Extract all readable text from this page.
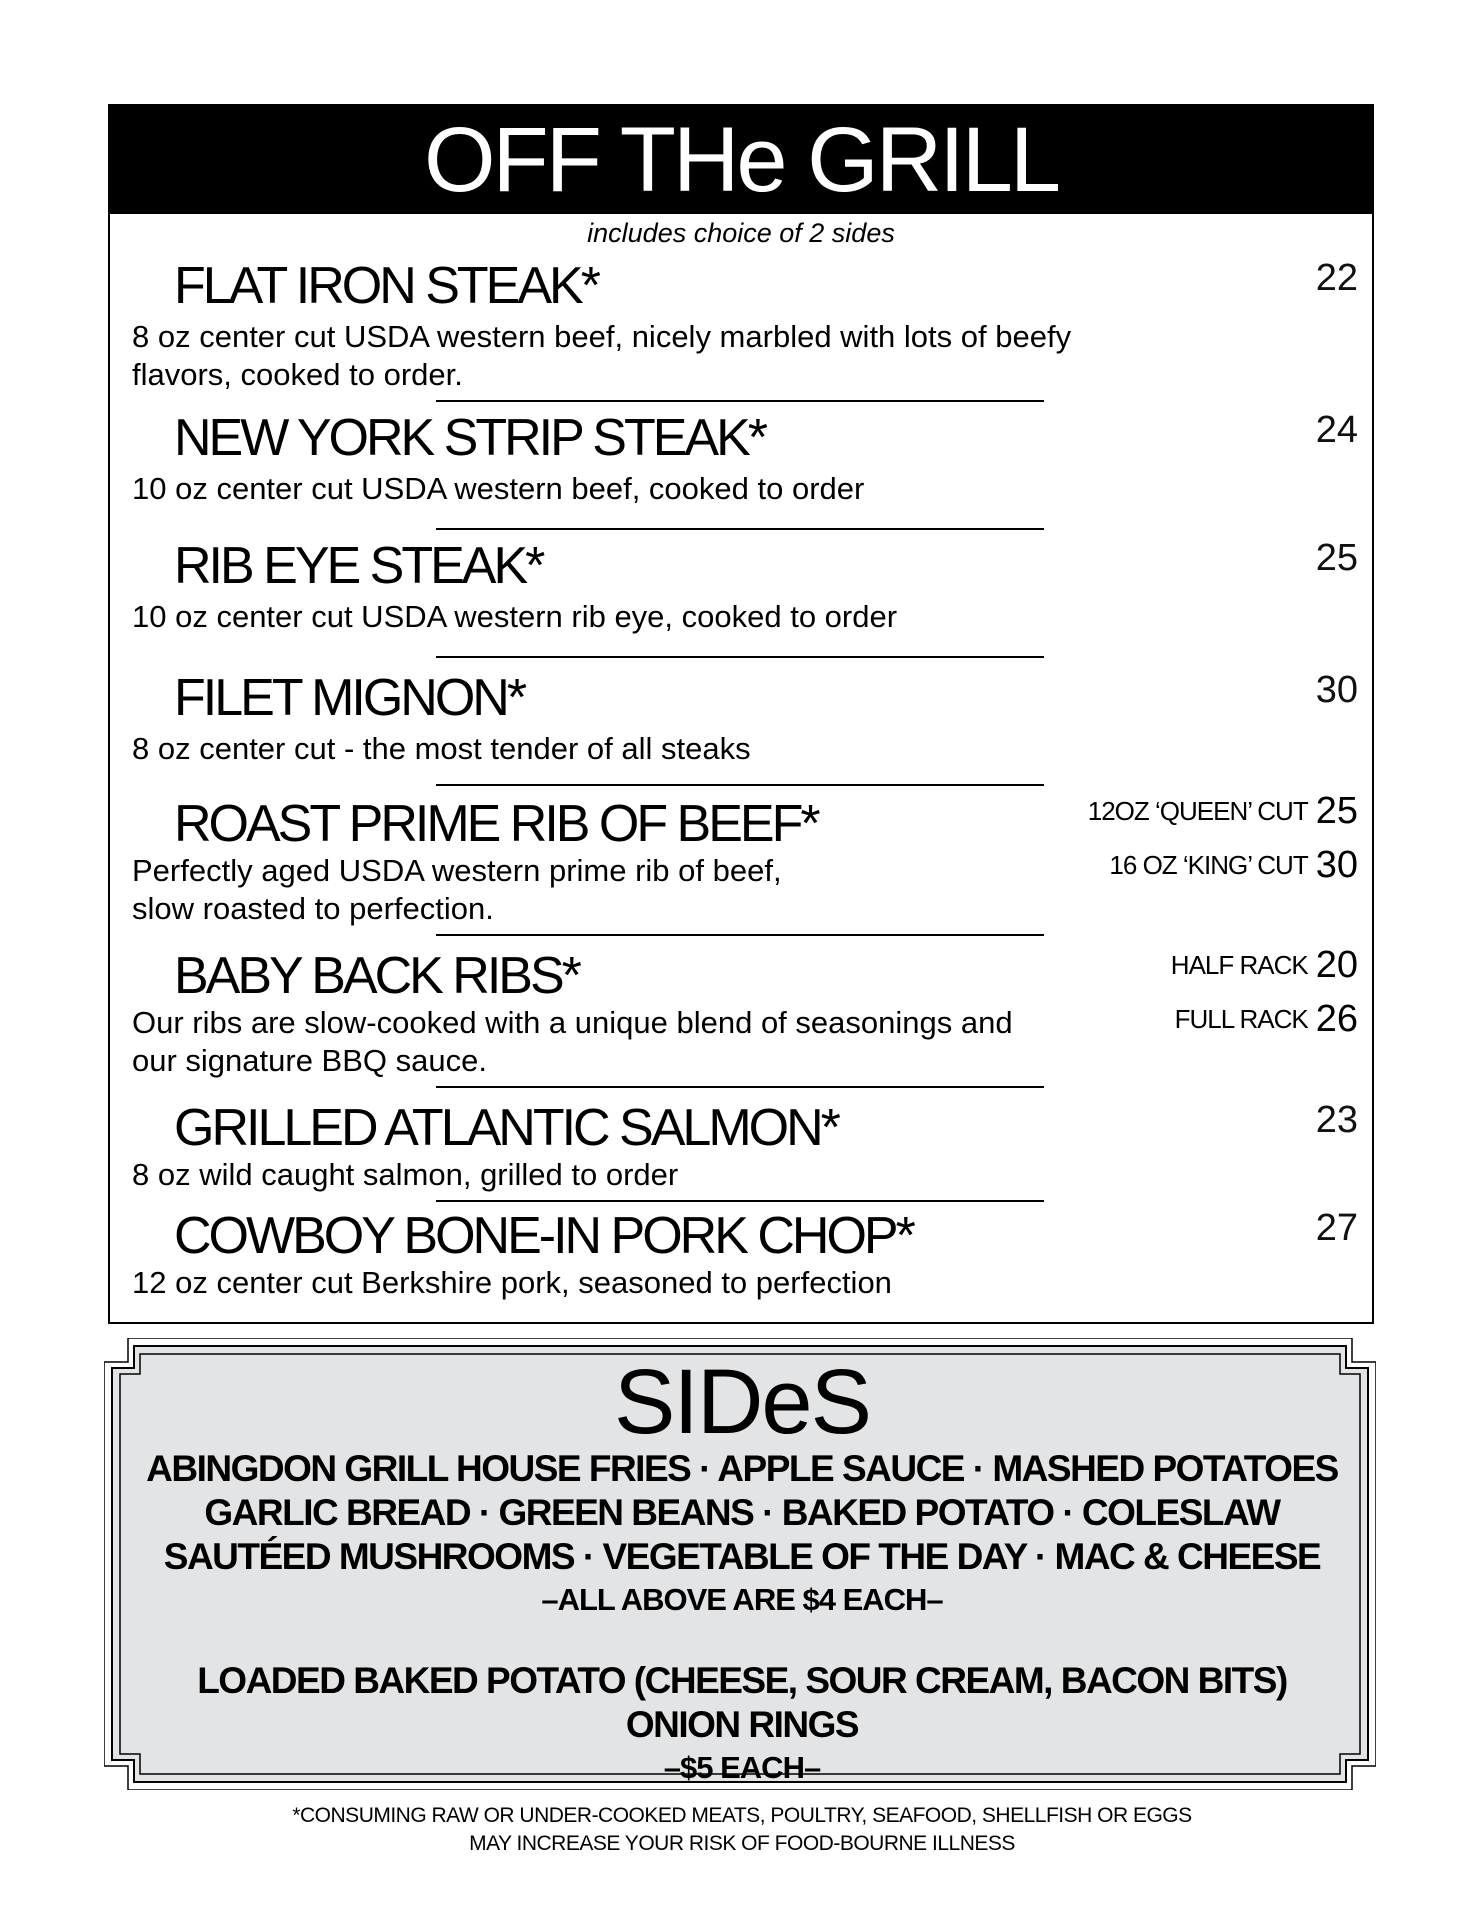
OFF THe GRILL
includes choice of 2 sides
FLAT IRON STEAK*	22
8 oz center cut USDA western beef, nicely marbled with lots of beefy
flavors, cooked to order.
NEW YORK STRIP STEAK*	24
10 oz center cut USDA western beef, cooked to order
RIB EYE STEAK*	25
10 oz center cut USDA western rib eye, cooked to order
FILET MIGNON*	30
8 oz center cut - the most tender of all steaks
ROAST PRIME RIB OF BEEF*	12OZ ‘QUEEN’ CUT 25
16 OZ ‘KING’ CUT 30
Perfectly aged USDA western prime rib of beef,
slow roasted to perfection.
BABY BACK RIBS*	HALF RACK 20
FULL RACK 26
Our ribs are slow-cooked with a unique blend of seasonings and
our signature BBQ sauce.
GRILLED ATLANTIC SALMON*	23
8 oz wild caught salmon, grilled to order
COWBOY BONE-IN PORK CHOP*	27
12 oz center cut Berkshire pork, seasoned to perfection
SIDeS
ABINGDON GRILL HOUSE FRIES · APPLE SAUCE · MASHED POTATOES
GARLIC BREAD · GREEN BEANS · BAKED POTATO · COLESLAW
SAUTÉED MUSHROOMS · VEGETABLE OF THE DAY · MAC & CHEESE
–ALL ABOVE ARE $4 EACH–
LOADED BAKED POTATO (CHEESE, SOUR CREAM, BACON BITS)
ONION RINGS
–$5 EACH–
*CONSUMING RAW OR UNDER-COOKED MEATS, POULTRY, SEAFOOD, SHELLFISH OR EGGS
MAY INCREASE YOUR RISK OF FOOD-BOURNE ILLNESS
